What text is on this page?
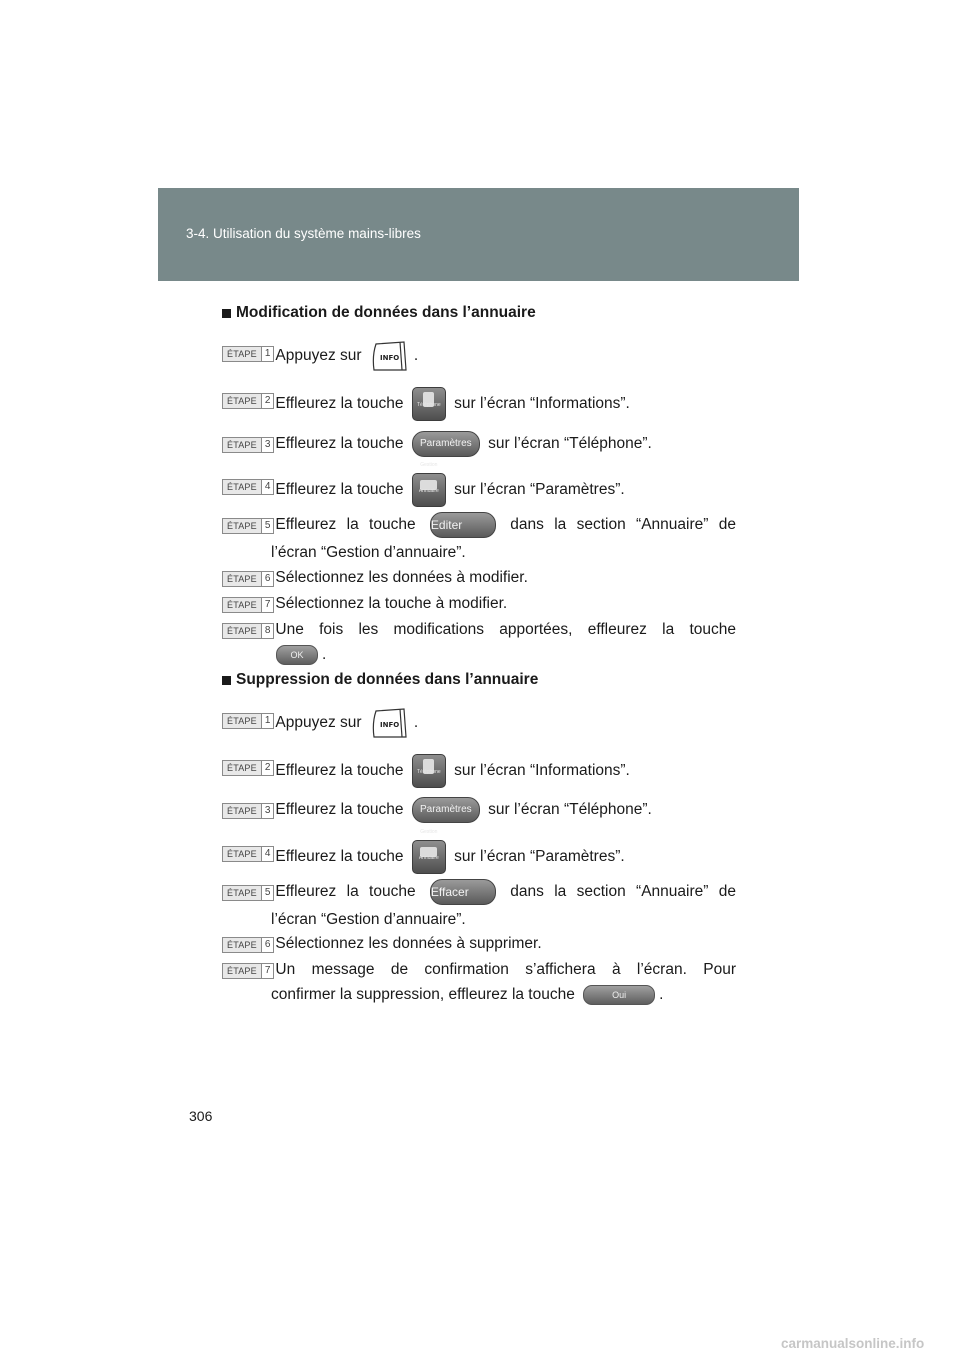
3-4. Utilisation du système mains-libres
Modification de données dans l’annuaire
ÉTAPE 1 Appuyez sur	INFO .
ÉTAPE 2 Effleurez la touche	Téléphone sur l’écran “Informations”.
ÉTAPE 3 Effleurez la touche Paramètres sur l’écran “Téléphone”.
ÉTAPE 4 Effleurez la touche
Gestion Annuaire sur l’écran “Paramètres”.
ÉTAPE 5 Effleurez la touche Editer	dans la section “Annuaire” de
l’écran “Gestion d’annuaire”.
ÉTAPE 6 Sélectionnez les données à modifier.
ÉTAPE 7 Sélectionnez la touche à modifier.
ÉTAPE 8 Une fois les modifications apportées, effleurez la touche
OK .
Suppression de données dans l’annuaire
ÉTAPE 1 Appuyez sur	INFO .
ÉTAPE 2 Effleurez la touche	Téléphone sur l’écran “Informations”.
ÉTAPE 3 Effleurez la touche Paramètres sur l’écran “Téléphone”.
ÉTAPE 4 Effleurez la touche
Gestion Annuaire sur l’écran “Paramètres”.
ÉTAPE 5 Effleurez la touche Effacer	dans la section “Annuaire” de
l’écran “Gestion d’annuaire”.
ÉTAPE 6 Sélectionnez les données à supprimer.
ÉTAPE 7 Un message de confirmation s’affichera à l’écran. Pour
confirmer la suppression, effleurez la touche	Oui .
306
carmanualsonline.info
